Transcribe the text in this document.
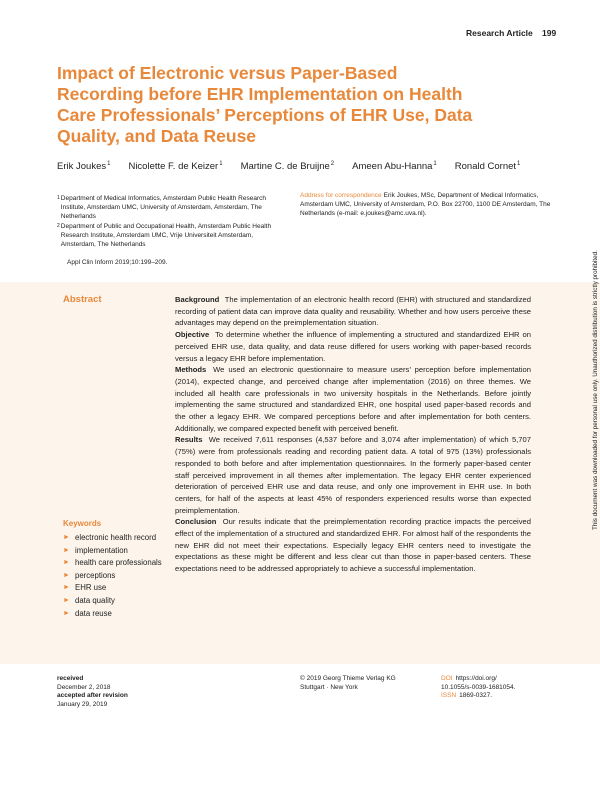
Research Article 199
Impact of Electronic versus Paper-Based Recording before EHR Implementation on Health Care Professionals’ Perceptions of EHR Use, Data Quality, and Data Reuse
Erik Joukes$^1$ Nicolette F. de Keizer$^1$ Martine C. de Bruijne$^2$ Ameen Abu-Hanna$^1$ Ronald Cornet$^1$
1 Department of Medical Informatics, Amsterdam Public Health Research Institute, Amsterdam UMC, University of Amsterdam, Amsterdam, The Netherlands
2 Department of Public and Occupational Health, Amsterdam Public Health Research Institute, Amsterdam UMC, Vrije Universiteit Amsterdam, Amsterdam, The Netherlands
Address for correspondence Erik Joukes, MSc, Department of Medical Informatics, Amsterdam UMC, University of Amsterdam, P.O. Box 22700, 1100 DE Amsterdam, The Netherlands (e-mail: e.joukes@amc.uva.nl).
Appl Clin Inform 2019;10:199–209.
Abstract	Background The implementation of an electronic health record (EHR) with structured and standardized recording of patient data can improve data quality and reusability. Whether and how users perceive these advantages may depend on the preimplementation situation.

Objective To determine whether the influence of implementing a structured and standardized EHR on perceived EHR use, data quality, and data reuse differed for users working with paper-based records versus a legacy EHR before implementation.

Methods We used an electronic questionnaire to measure users’ perception before implementation (2014), expected change, and perceived change after implementation (2016) on three themes. We included all health care professionals in two university hospitals in the Netherlands. Before jointly implementing the same structured and standardized EHR, one hospital used paper-based records and the other a legacy EHR. We compared perceptions before and after implementation for both centers. Additionally, we compared expected benefit with perceived benefit.

Results We received 7,611 responses (4,537 before and 3,074 after implementation) of which 5,707 (75%) were from professionals reading and recording patient data. A total of 975 (13%) professionals responded to both before and after implementation questionnaires. In the formerly paper-based center staff perceived improvement in all themes after implementation. The legacy EHR center experienced deterioration of perceived EHR use and data reuse, and only one improvement in EHR use. In both centers, for half of the aspects at least 45% of responders experienced results worse than expected preimplementation.

Conclusion Our results indicate that the preimplementation recording practice impacts the perceived effect of the implementation of a structured and standardized EHR. For almost half of the respondents the new EHR did not meet their expectations. Especially legacy EHR centers need to investigate the expectations as these might be different and less clear cut than those in paper-based centers. These expectations need to be addressed appropriately to achieve a successful implementation.

Keywords
► electronic health record
► implementation
► health care professionals
► perceptions
► EHR use
► data quality
► data reuse
received
December 2, 2018
accepted after revision
January 29, 2019
© 2019 Georg Thieme Verlag KG
Stuttgart · New York
DOI https://doi.org/
10.1055/s-0039-1681054.
ISSN 1869-0327.
This document was downloaded for personal use only. Unauthorized distribution is strictly prohibited.
